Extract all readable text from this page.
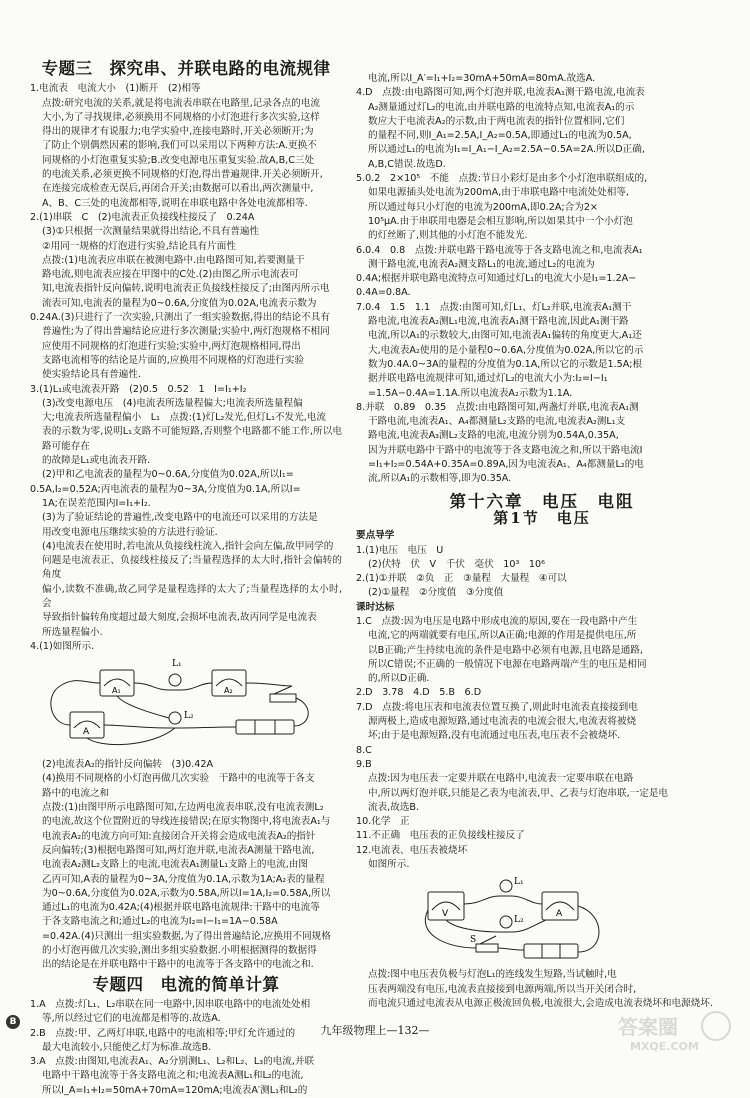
专题三　探究串、并联电路的电流规律

1.电流表　电流大小　(1)断开　(2)相等

点拨:研究电流的关系,就是将电流表串联在电路里,记录各点的电流

大小,为了寻找规律,必须换用不同规格的小灯泡进行多次实验,这样

得出的规律才有说服力;电学实验中,连接电路时,开关必须断开;为

了防止个别偶然因素的影响,我们可以采用以下两种方法:A.更换不

同规格的小灯泡重复实验;B.改变电源电压重复实验.故A,B,C三处

的电流关系,必须更换不同规格的灯泡,得出普遍规律.开关必须断开,

在连接完成检查无误后,再闭合开关;由数据可以看出,两次测量中,

A、B、C三处的电流都相等,说明在串联电路中各处电流都相等.

2.(1)串联　C　(2)电流表正负接线柱接反了　0.24A

(3)①只根据一次测量结果就得出结论,不具有普遍性

②用同一规格的灯泡进行实验,结论具有片面性

点拨:(1)电流表应串联在被测电路中.由电路图可知,若要测量干

路电流,则电流表应接在甲图中的C处.(2)由图乙所示电流表可

知,电流表指针反向偏转,说明电流表正负接线柱接反了;由图丙所示电

流表可知,电流表的量程为0~0.6A,分度值为0.02A,电流表示数为

0.24A.(3)只进行了一次实验,只测出了一组实验数据,得出的结论不具有

普遍性;为了得出普遍结论应进行多次测量;实验中,两灯泡规格不相同

应使用不同规格的灯泡进行实验;实验中,两灯泡规格相同,得出

支路电流相等的结论是片面的,应换用不同规格的灯泡进行实验

使实验结论具有普遍性.

3.(1)L₁或电流表开路　(2)0.5　0.52　1　I=I₁+I₂

(3)改变电源电压　(4)电流表所选量程偏大;电流表所选量程偏

大;电流表所选量程偏小　L₁　点拨:(1)灯L₂发光,但灯L₁不发光,电流

表的示数为零,说明L₁支路不可能短路,否则整个电路都不能工作,所以电路可能存在

的故障是L₁或电流表开路.

(2)甲和乙电流表的量程为0~0.6A,分度值为0.02A,所以I₁=

0.5A,I₂=0.52A;丙电流表的量程为0~3A,分度值为0.1A,所以I=

1A;在误差范围内I=I₁+I₂.

(3)为了验证结论的普遍性,改变电路中的电流还可以采用的方法是

用改变电源电压继续实验的方法进行验证.

(4)电流表在使用时,若电流从负接线柱流入,指针会向左偏,故甲同学的

问题是电流表正、负接线柱接反了;当量程选择的太大时,指针会偏转的角度

偏小,读数不准确,故乙同学是量程选择的太大了;当量程选择的太小时,会

导致指针偏转角度超过最大刻度,会损坏电流表,故丙同学是电流表

所选量程偏小.

4.(1)如图所示.

L₁
L₂
A
A₁	A₂

(2)电流表A₂的指针反向偏转　(3)0.42A

(4)换用不同规格的小灯泡再做几次实验　干路中的电流等于各支

路中的电流之和

点拨:(1)由图甲所示电路图可知,左边两电流表串联,没有电流表测L₂

的电流,故这个位置附近的导线连接错误;在原实物图中,将电流表A₁与

电流表A₂的电流方向可知:直接闭合开关将会造成电流表A₂的指针

反向偏转;(3)根据电路图可知,两灯泡并联,电流表A测量干路电流,

电流表A₂测L₂支路上的电流,电流表A₁测量L₁支路上的电流,由图

乙丙可知,A表的量程为0~3A,分度值为0.1A,示数为1A;A₂表的量程

为0~0.6A,分度值为0.02A,示数为0.58A,所以I=1A,I₂=0.58A,所以

通过L₁的电流为0.42A;(4)根据并联电路电流规律:干路中的电流等

于各支路电流之和;通过L₂的电流为I₂=I−I₁=1A−0.58A

=0.42A.(4)只测出一组实验数据,为了得出普遍结论,应换用不同规格

的小灯泡再做几次实验,测出多组实验数据.小明根据测得的数据得

出的结论是在并联电路中干路中的电流等于各支路中的电流之和.

专题四　电流的简单计算

1.A　点拨:灯L₁、L₂串联在同一电路中,因串联电路中的电流处处相

等,所以经过它们的电流都是相等的.故选A.

2.B　点拨:甲、乙两灯串联,电路中的电流相等;甲灯允许通过的

最大电流较小,只能使乙灯为标准.故选B.

3.A　点拨:由图知,电流表A₁、A₂分别测L₁、L₂和L₂、L₃的电流,并联

电路中干路电流等于各支路电流之和;电流表A测L₁和L₂的电流,

所以I_A=I₁+I₂=50mA+70mA=120mA;电流表A′测L₁和L₂的

电流,所以I_A′=I₁+I₂=30mA+50mA=80mA.故选A.

4.D　点拨:由电路图可知,两个灯泡并联,电流表A₁测干路电流,电流表

A₂测量通过灯L₂的电流,由并联电路的电流特点知,电流表A₁的示

数应大于电流表A₂的示数,由于两电流表的指针位置相同,它们

的量程不同,则I_A₁=2.5A,I_A₂=0.5A,即通过L₁的电流为0.5A,

所以通过L₁的电流为I₁=I_A₁−I_A₂=2.5A−0.5A=2A.所以D正确,

A,B,C错误.故选D.

5.0.2　2×10⁵　不能　点拨:节日小彩灯是由多个小灯泡串联组成的,

如果电源插头处电流为200mA,由于串联电路中电流处处相等,

所以通过每只小灯泡的电流为200mA,即0.2A;合为2×

10⁵μA.由于串联用电器是会相互影响,所以如果其中一个小灯泡

的灯丝断了,则其他的小灯泡不能发光.

6.0.4　0.8　点拨:并联电路干路电流等于各支路电流之和,电流表A₁

测干路电流,电流表A₂测支路L₁的电流,通过L₂的电流为

0.4A;根据并联电路电流特点可知通过灯L₁的电流大小是I₁=1.2A−

0.4A=0.8A.

7.0.4　1.5　1.1　点拨:由图可知,灯L₁、灯L₂并联,电流表A₁测干

路电流,电流表A₂测L₁电流,电流表A₁测干路电流,因此A₁测干路

电流,所以A₁的示数较大,由图可知,电流表A₁偏转的角度更大,A₁还

大,电流表A₂使用的是小量程0~0.6A,分度值为0.02A,所以它的示

数为0.4A.0~3A的量程的分度值为0.1A,所以它的示数是1.5A;根

据并联电路电流规律可知,通过灯L₂的电流大小为:I₂=I−I₁

=1.5A−0.4A=1.1A.所以电流表A₂示数为1.1A.

8.并联　0.89　0.35　点拨:由电路图可知,两盏灯并联,电流表A₁测

干路电流,电流表A₁、A₄都测量L₂支路的电流,电流表A₂测L₁支

路电流,电流表A₃测L₂支路的电流,电流分别为0.54A,0.35A,

因为并联电路中干路中的电流等于各支路电流之和,所以干路电流I

=I₁+I₂=0.54A+0.35A=0.89A,因为电流表A₁、A₄都测量L₂的电

流,所以A₁的示数相等,即为0.35A.

第十六章　电压　电阻
第1节　电压

要点导学

1.(1)电压　电压　U

(2)伏特　伏　V　千伏　毫伏　10³　10⁶

2.(1)①并联　②负　正　③量程　大量程　④可以

(2)①量程　②分度值　③分度值

课时达标

1.C　点拨:因为电压是电路中形成电流的原因,要在一段电路中产生

电流,它的两端就要有电压,所以A正确;电源的作用是提供电压,所

以B正确;产生持续电流的条件是电路中必须有电源,且电路是通路,

所以C错误;不正确的一般情况下电源在电路两端产生的电压是相同

的,所以D正确.

2.D　3.78　4.D　5.B　6.D

7.D　点拨:将电压表和电流表位置互换了,则此时电流表直接接到电

源两极上,造成电源短路,通过电流表的电流会很大,电流表将被烧

坏;由于是电源短路,没有电流通过电压表,电压表不会被烧坏.

8.C

9.B

点拨:因为电压表一定要并联在电路中,电流表一定要串联在电路

中,所以两灯泡并联,只能是乙表为电流表,甲、乙表与灯泡串联,一定是电

流表,故选B.

10.化学　正

11.不正确　电压表的正负接线柱接反了

12.电流表、电压表被烧坏

如图所示.

V	A
L₁
L₂
S

点拨:图中电压表负极与灯泡L₁的连线发生短路,当试触时,电

压表两端没有电压,电流表直接接到电源两端,所以当开关闭合时,

而电流只通过电流表从电源正极流回负极,电流很大,会造成电流表烧坏和电源烧坏.

B
九年级物理上—132—	答案圈
MXQE.COM
